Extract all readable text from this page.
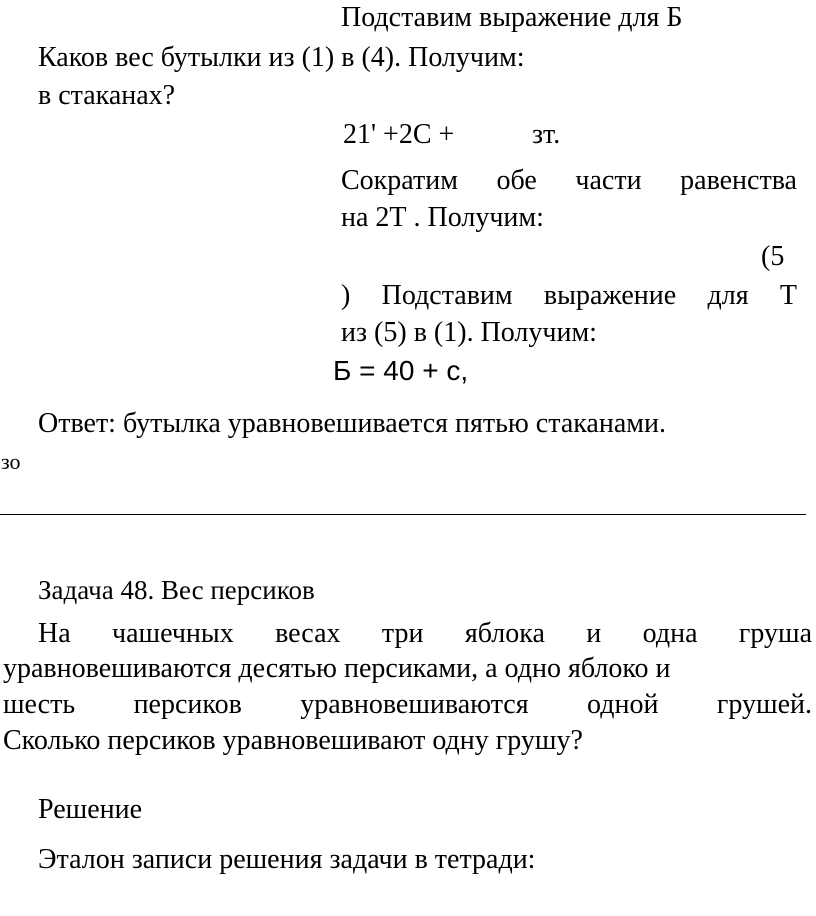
Подставим выражение для Б
Каков вес бутылки из (1) в (4). Получим:
в стаканах?
21' +2С +	зт.
Сократим обе части равенства
на 2Т . Получим:
(5
) Подставим выражение для Т
из (5) в (1). Получим:
Б = 40 + с,
Ответ: бутылка уравновешивается пятью стаканами.
зо
Задача 48. Вес персиков
На чашечных весах три яблока и одна груша
уравновешиваются десятью персиками, а одно яблоко и
шесть персиков уравновешиваются одной грушей.
Сколько персиков уравновешивают одну грушу?
Решение
Эталон записи решения задачи в тетради:
